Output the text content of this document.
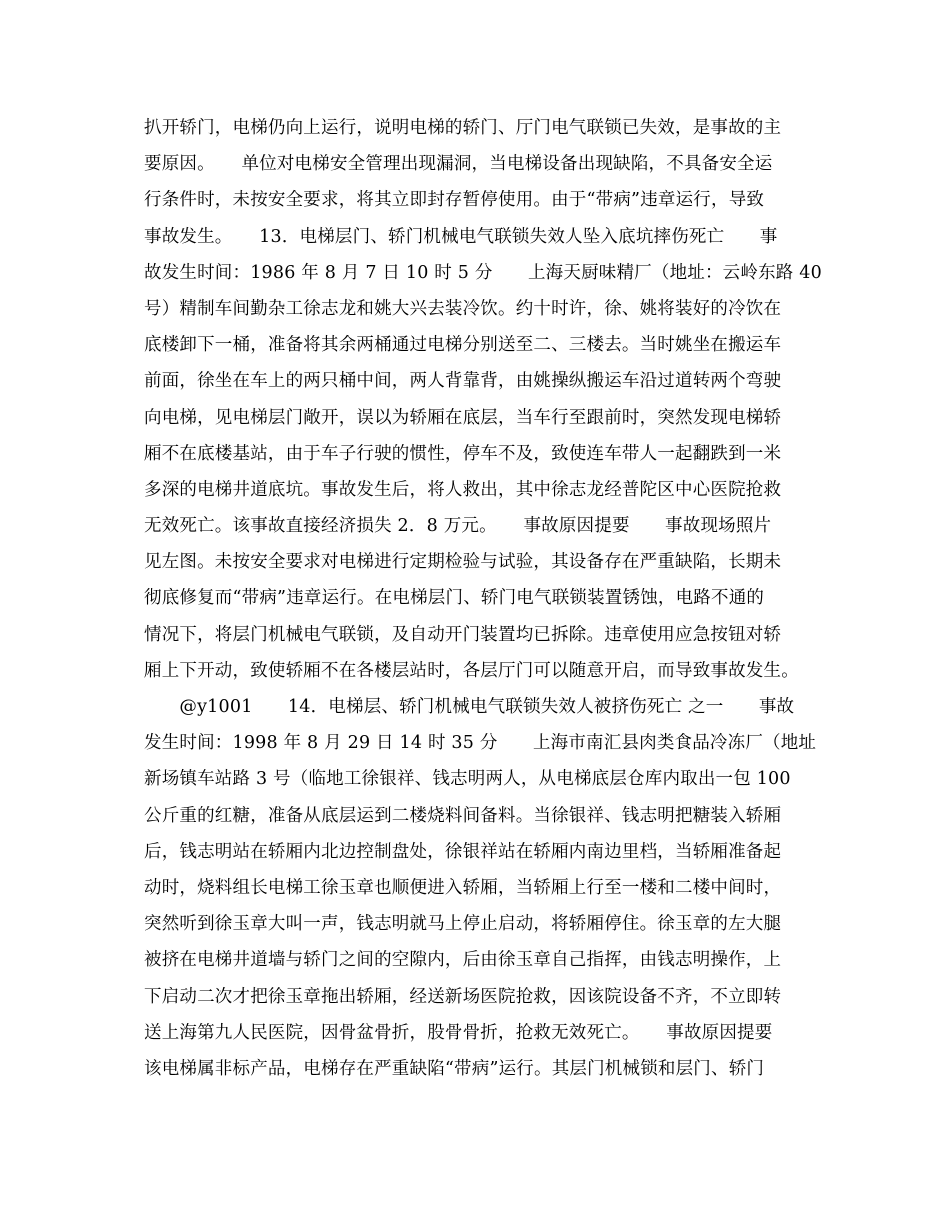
扒开轿门，电梯仍向上运行，说明电梯的轿门、厅门电气联锁已失效，是事故的主
要原因。　　单位对电梯安全管理出现漏洞，当电梯设备出现缺陷，不具备安全运
行条件时，未按安全要求，将其立即封存暂停使用。由于“带病”违章运行，导致
事故发生。　　13．电梯层门、轿门机械电气联锁失效人坠入底坑摔伤死亡　　事
故发生时间：1986 年 8 月 7 日 10 时 5 分　　上海天厨味精厂（地址：云岭东路 40
号）精制车间勤杂工徐志龙和姚大兴去装冷饮。约十时许，徐、姚将装好的冷饮在
底楼卸下一桶，准备将其余两桶通过电梯分别送至二、三楼去。当时姚坐在搬运车
前面，徐坐在车上的两只桶中间，两人背靠背，由姚操纵搬运车沿过道转两个弯驶
向电梯，见电梯层门敞开，误以为轿厢在底层，当车行至跟前时，突然发现电梯轿
厢不在底楼基站，由于车子行驶的惯性，停车不及，致使连车带人一起翻跌到一米
多深的电梯井道底坑。事故发生后，将人救出，其中徐志龙经普陀区中心医院抢救
无效死亡。该事故直接经济损失 2．8 万元。　　事故原因提要　　事故现场照片
见左图。未按安全要求对电梯进行定期检验与试验，其设备存在严重缺陷，长期未
彻底修复而“带病”违章运行。在电梯层门、轿门电气联锁装置锈蚀，电路不通的
情况下，将层门机械电气联锁，及自动开门装置均已拆除。违章使用应急按钮对轿
厢上下开动，致使轿厢不在各楼层站时，各层厅门可以随意开启，而导致事故发生。
　　@y1001　　14．电梯层、轿门机械电气联锁失效人被挤伤死亡 之一　　事故
发生时间：1998 年 8 月 29 日 14 时 35 分　　上海市南汇县肉类食品冷冻厂（地址
新场镇车站路 3 号（临地工徐银祥、钱志明两人，从电梯底层仓库内取出一包 100
公斤重的红糖，准备从底层运到二楼烧料间备料。当徐银祥、钱志明把糖装入轿厢
后，钱志明站在轿厢内北边控制盘处，徐银祥站在轿厢内南边里档，当轿厢准备起
动时，烧料组长电梯工徐玉章也顺便进入轿厢，当轿厢上行至一楼和二楼中间时，
突然听到徐玉章大叫一声，钱志明就马上停止启动，将轿厢停住。徐玉章的左大腿
被挤在电梯井道墙与轿门之间的空隙内，后由徐玉章自己指挥，由钱志明操作，上
下启动二次才把徐玉章拖出轿厢，经送新场医院抢救，因该院设备不齐，不立即转
送上海第九人民医院，因骨盆骨折，股骨骨折，抢救无效死亡。　　事故原因提要
该电梯属非标产品，电梯存在严重缺陷“带病”运行。其层门机械锁和层门、轿门
